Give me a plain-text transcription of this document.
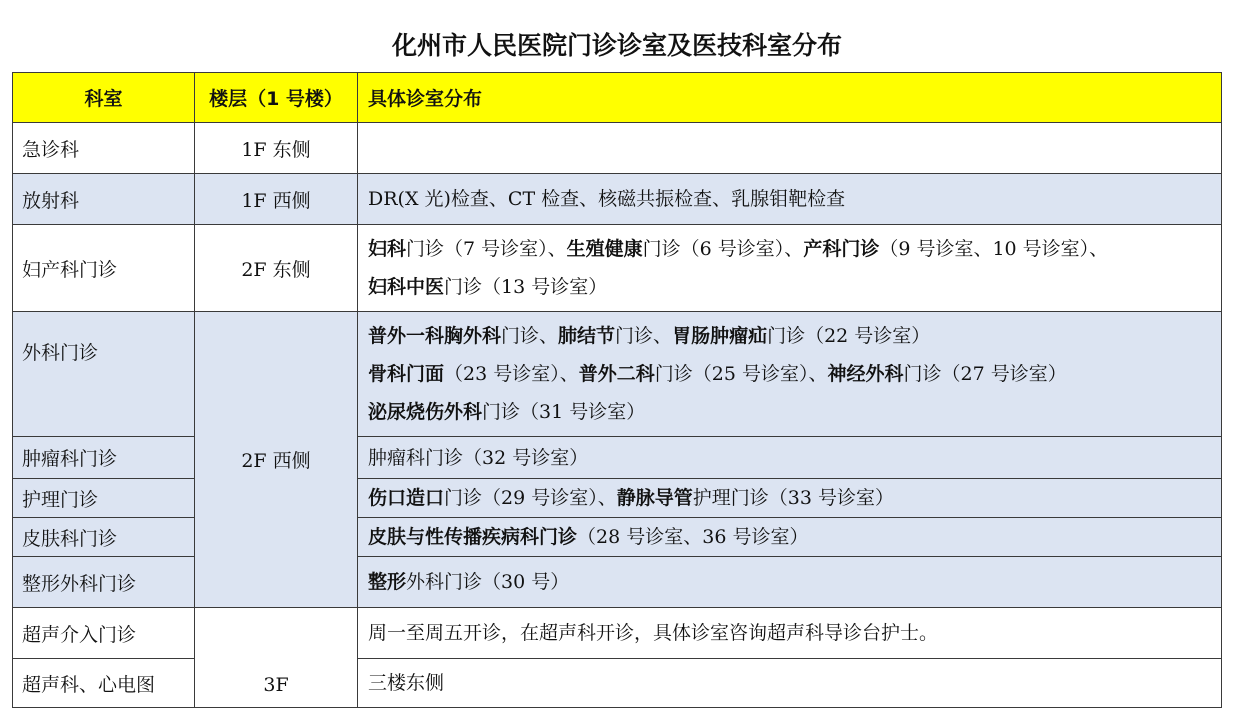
化州市人民医院门诊诊室及医技科室分布
科室	楼层（1 号楼）	具体诊室分布
急诊科	1F 东侧	
放射科	1F 西侧	DR(X 光)检查、CT 检查、核磁共振检查、乳腺钼靶检查

妇产科门诊	2F 东侧	妇科门诊（7 号诊室）、生殖健康门诊（6 号诊室）、产科门诊（9 号诊室、10 号诊室）、
妇科中医门诊（13 号诊室）

外科门诊	2F 西侧	普外一科胸外科门诊、肺结节门诊、胃肠肿瘤疝门诊（22 号诊室）
骨科门面（23 号诊室）、普外二科门诊（25 号诊室）、神经外科门诊（27 号诊室）
泌尿烧伤外科门诊（31 号诊室）

肿瘤科门诊		肿瘤科门诊（32 号诊室）

护理门诊		伤口造口门诊（29 号诊室）、静脉导管护理门诊（33 号诊室）

皮肤科门诊		皮肤与性传播疾病科门诊（28 号诊室、36 号诊室）

整形外科门诊		整形外科门诊（30 号）

超声介入门诊	3F	周一至周五开诊，在超声科开诊，具体诊室咨询超声科导诊台护士。

超声科、心电图		三楼东侧
